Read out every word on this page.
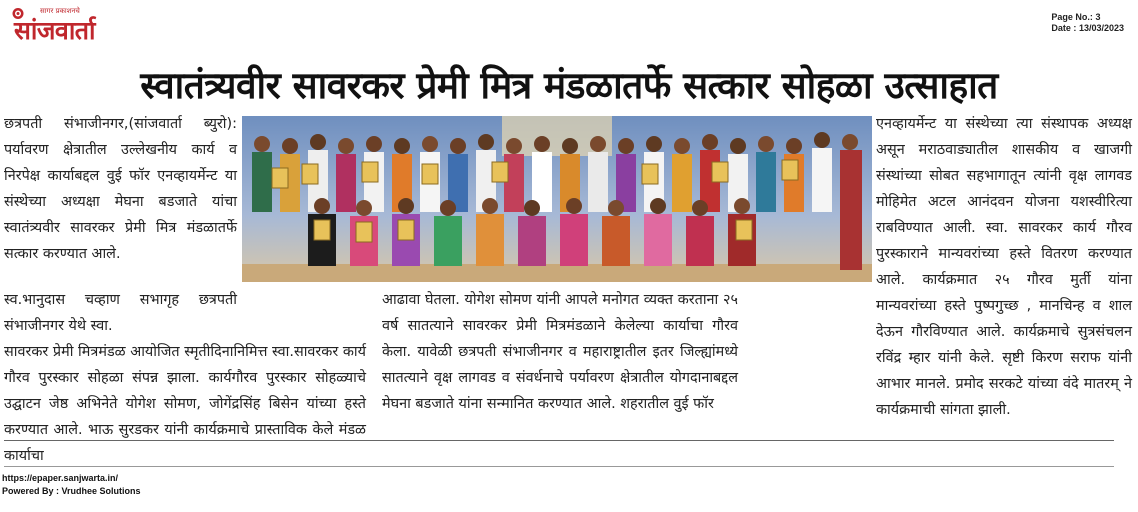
सागर प्रकाशनचे
सांजवार्ता	Page No.: 3
Date : 13/03/2023
स्वातंत्र्यवीर सावरकर प्रेमी मित्र मंडळातर्फे सत्कार सोहळा उत्साहात

छत्रपती संभाजीनगर,(सांजवार्ता ब्युरो): पर्यावरण क्षेत्रातील उल्लेखनीय कार्य व निरपेक्ष कार्याबद्दल वुई फॉर एनव्हायर्मेन्ट या संस्थेच्या अध्यक्षा मेघना बडजाते यांचा स्वातंत्र्यवीर सावरकर प्रेमी मित्र मंडळातर्फे सत्कार करण्यात आले.

स्व.भानुदास चव्हाण सभागृह छत्रपती संभाजीनगर येथे स्वा.

सावरकर प्रेमी मित्रमंडळ आयोजित स्मृतीदिनानिमित्त स्वा.सावरकर कार्य गौरव पुरस्कार सोहळा संपन्न झाला. कार्यगौरव पुरस्कार सोहळ्याचे उद्घाटन जेष्ठ अभिनेते योगेश सोमण, जोगेंद्रसिंह बिसेन यांच्या हस्ते करण्यात आले. भाऊ सुरडकर यांनी कार्यक्रमाचे प्रास्ताविक केले मंडळ कार्याचा

आढावा घेतला. योगेश सोमण यांनी आपले मनोगत व्यक्त करताना २५ वर्ष सातत्याने सावरकर प्रेमी मित्रमंडळाने केलेल्या कार्याचा गौरव केला. यावेळी छत्रपती संभाजीनगर व महाराष्ट्रातील इतर जिल्ह्यांमध्ये सातत्याने वृक्ष लागवड व संवर्धनाचे पर्यावरण क्षेत्रातील योगदानाबद्दल मेघना बडजाते यांना सन्मानित करण्यात आले. शहरातील वुई फॉर

एनव्हायर्मेन्ट या संस्थेच्या त्या संस्थापक अध्यक्ष असून मराठवाड्यातील शासकीय व खाजगी संस्थांच्या सोबत सहभागातून त्यांनी वृक्ष लागवड मोहिमेत अटल आनंदवन योजना यशस्वीरित्या राबविण्यात आली. स्वा. सावरकर कार्य गौरव पुरस्काराने मान्यवरांच्या हस्ते वितरण करण्यात आले. कार्यक्रमात २५ गौरव मुर्ती यांना मान्यवरांच्या हस्ते पुष्पगुच्छ , मानचिन्ह व शाल देऊन गौरविण्यात आले. कार्यक्रमाचे सुत्रसंचलन रविंद्र म्हार यांनी केले. सृष्टी किरण सराफ यांनी आभार मानले. प्रमोद सरकटे यांच्या वंदे मातरम् ने कार्यक्रमाची सांगता झाली.

https://epaper.sanjwarta.in/
Powered By : Vrudhee Solutions
